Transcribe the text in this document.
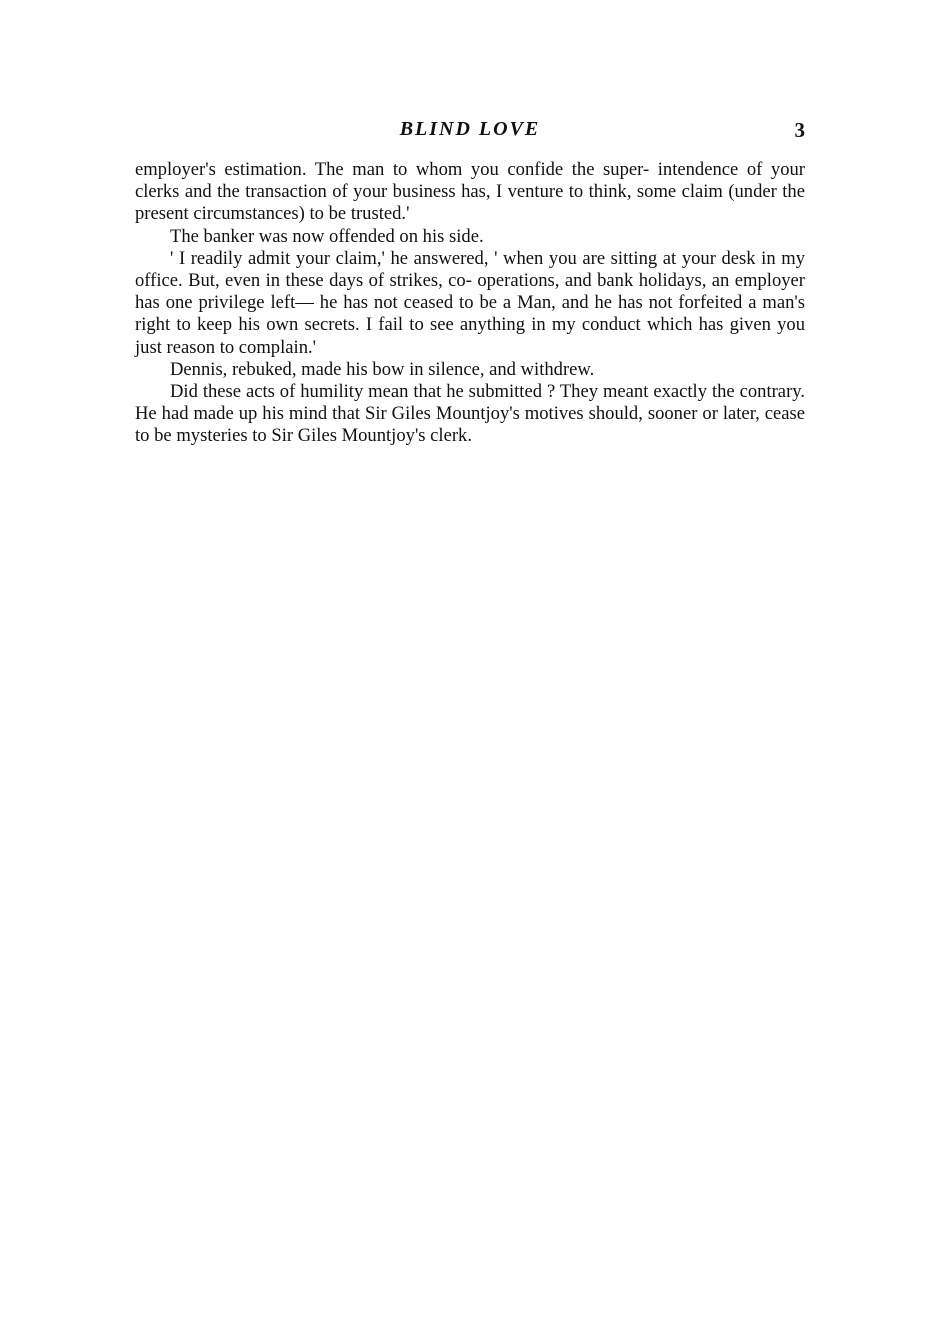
BLIND LOVE	3

employer's estimation. The man to whom you confide the super- intendence of your clerks and the transaction of your business has, I venture to think, some claim (under the present circumstances) to be trusted.'

The banker was now offended on his side.

' I readily admit your claim,' he answered, ' when you are sitting at your desk in my office. But, even in these days of strikes, co- operations, and bank holidays, an employer has one privilege left— he has not ceased to be a Man, and he has not forfeited a man's right to keep his own secrets. I fail to see anything in my conduct which has given you just reason to complain.'

Dennis, rebuked, made his bow in silence, and withdrew.

Did these acts of humility mean that he submitted ? They meant exactly the contrary. He had made up his mind that Sir Giles Mountjoy's motives should, sooner or later, cease to be mysteries to Sir Giles Mountjoy's clerk.
